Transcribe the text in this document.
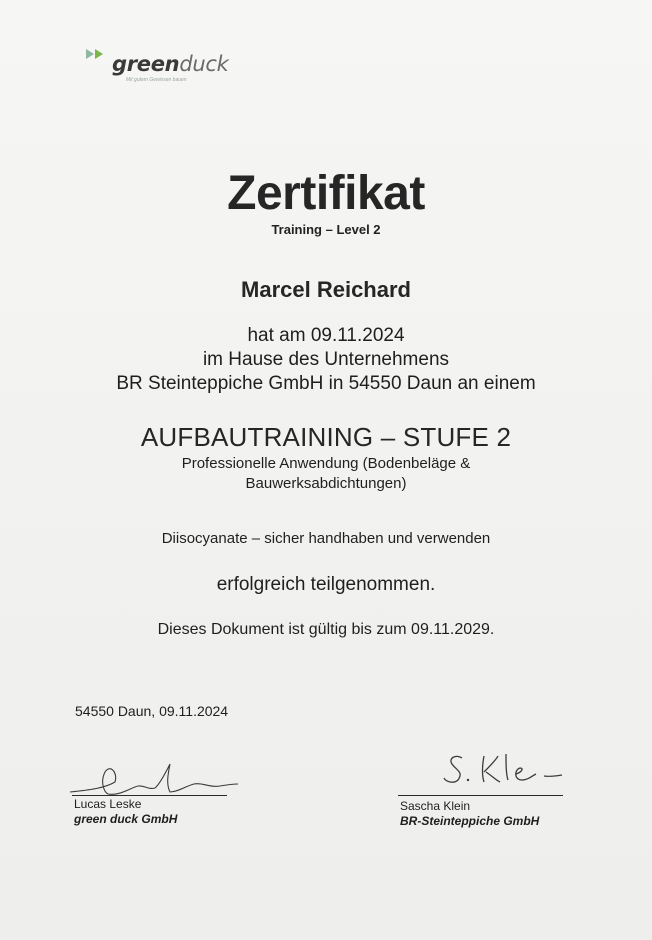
greenduck
Mit gutem Gewissen bauen
Zertifikat
Training – Level 2
Marcel Reichard
hat am 09.11.2024
im Hause des Unternehmens
BR Steinteppiche GmbH in 54550 Daun an einem
AUFBAUTRAINING – STUFE 2
Professionelle Anwendung (Bodenbeläge &
Bauwerksabdichtungen)
Diisocyanate – sicher handhaben und verwenden
erfolgreich teilgenommen.
Dieses Dokument ist gültig bis zum 09.11.2029.
54550 Daun, 09.11.2024
Lucas Leske
green duck GmbH
Sascha Klein
BR-Steinteppiche GmbH
